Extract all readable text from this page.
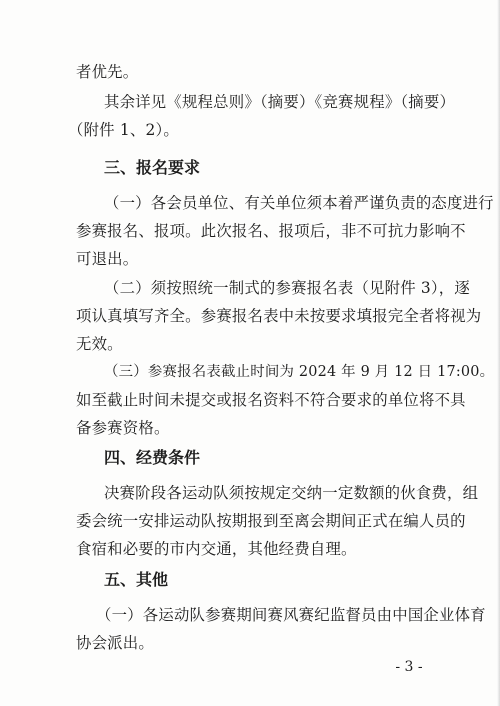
者优先。
其余详见《规程总则》（摘要）《竞赛规程》（摘要）
（附件 1、2）。
三、报名要求
（一）各会员单位、有关单位须本着严谨负责的态度进行
参赛报名、报项。此次报名、报项后，非不可抗力影响不
可退出。
（二）须按照统一制式的参赛报名表（见附件 3），逐
项认真填写齐全。参赛报名表中未按要求填报完全者将视为
无效。
（三）参赛报名表截止时间为 2024 年 9 月 12 日 17:00。
如至截止时间未提交或报名资料不符合要求的单位将不具
备参赛资格。
四、经费条件
决赛阶段各运动队须按规定交纳一定数额的伙食费，组
委会统一安排运动队按期报到至离会期间正式在编人员的
食宿和必要的市内交通，其他经费自理。
五、其他
（一）各运动队参赛期间赛风赛纪监督员由中国企业体育
协会派出。
- 3 -
